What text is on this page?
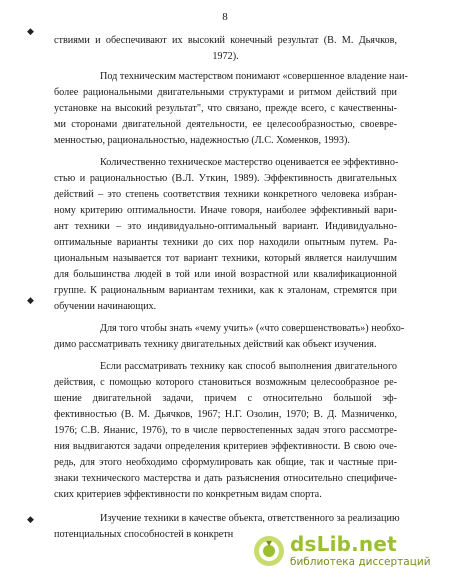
8
◆
◆
◆
ствиями и обеспечивают их высокий конечный результат (В. М. Дьячков,
1972).
Под техническим мастерством понимают «совершенное владение наи-
более рациональными двигательными структурами и ритмом действий при
установке на высокий результат", что связано, прежде всего, с качественны-
ми сторонами двигательной деятельности, ее целесообразностью, своевре-
менностью, рациональностью, надежностью (Л.С. Хоменков, 1993).
Количественно техническое мастерство оценивается ее эффективно-
стью и рациональностью (В.Л. Уткин, 1989). Эффективность двигательных
действий – это степень соответствия техники конкретного человека избран-
ному критерию оптимальности. Иначе говоря, наиболее эффективный вари-
ант техники – это индивидуально-оптимальный вариант. Индивидуально-
оптимальные варианты техники до сих пор находили опытным путем. Ра-
циональным называется тот вариант техники, который является наилучшим
для большинства людей в той или иной возрастной или квалификационной
группе. К рациональным вариантам техники, как к эталонам, стремятся при
обучении начинающих.
Для того чтобы знать «чему учить» («что совершенствовать») необхо-
димо рассматривать технику двигательных действий как объект изучения.
Если рассматривать технику как способ выполнения двигательного
действия, с помощью которого становиться возможным целесообразное ре-
шение двигательной задачи, причем с относительно большой эф-
фективностью (В. М. Дьячков, 1967; Н.Г. Озолин, 1970; В. Д. Мазниченко,
1976; С.В. Янанис, 1976), то в числе первостепенных задач этого рассмотре-
ния выдвигаются задачи определения критериев эффективности. В свою оче-
редь, для этого необходимо сформулировать как общие, так и частные при-
знаки технического мастерства и дать разъяснения относительно специфиче-
ских критериев эффективности по конкретным видам спорта.
Изучение техники в качестве объекта, ответственного за реализацию
потенциальных способностей в конкретн	dsLib.net
библиотека диссертаций
